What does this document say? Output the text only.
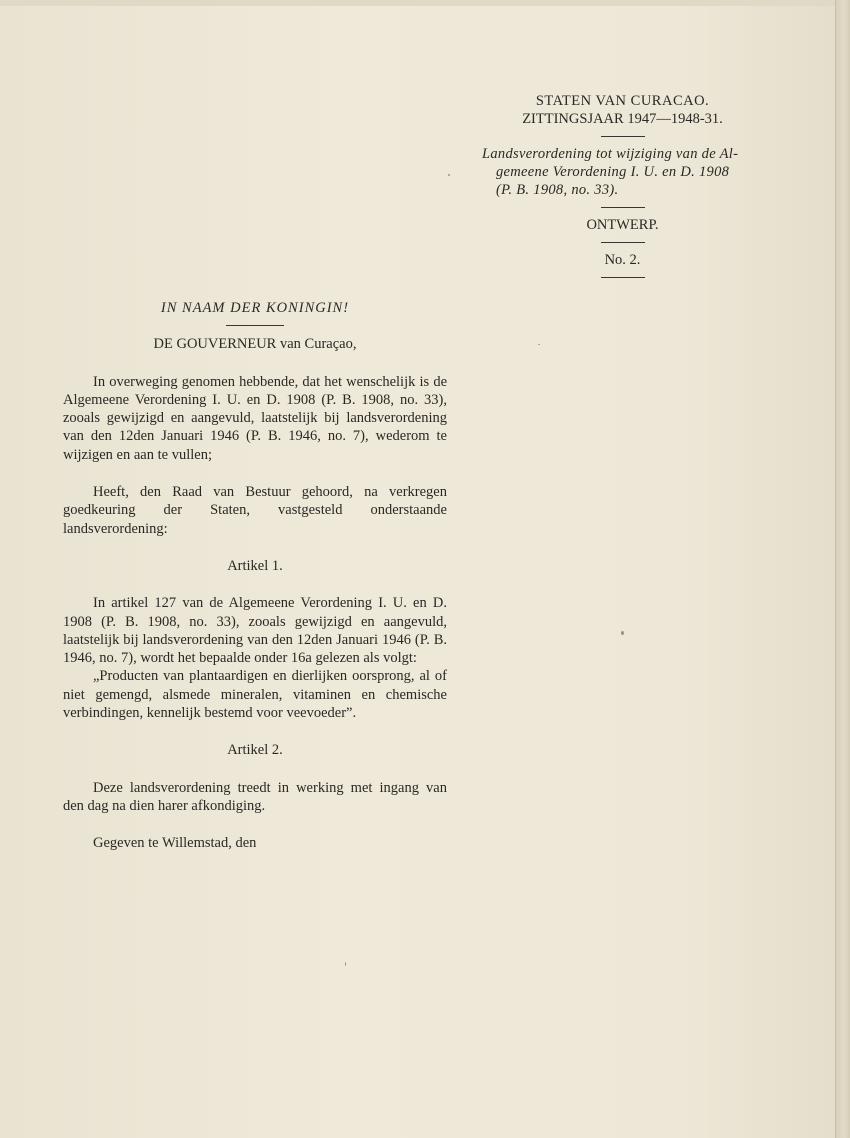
STATEN VAN CURACAO.
ZITTINGSJAAR 1947—1948-31.
Landsverordening tot wijziging van de Al-
gemeene Verordening I. U. en D. 1908
(P. B. 1908, no. 33).
ONTWERP.
No. 2.
IN NAAM DER KONINGIN!
DE GOUVERNEUR van Curaçao,

In overweging genomen hebbende, dat het wenschelijk is de Algemeene Verordening I. U. en D. 1908 (P. B. 1908, no. 33), zooals gewijzigd en aangevuld, laatstelijk bij landsverordening van den 12den Januari 1946 (P. B. 1946, no. 7), wederom te wijzigen en aan te vullen;

Heeft, den Raad van Bestuur gehoord, na verkregen goedkeuring der Staten, vastgesteld onderstaande landsverordening:

Artikel 1.

In artikel 127 van de Algemeene Verordening I. U. en D. 1908 (P. B. 1908, no. 33), zooals gewijzigd en aangevuld, laatstelijk bij landsverordening van den 12den Januari 1946 (P. B. 1946, no. 7), wordt het bepaalde onder 16a gelezen als volgt:

„Producten van plantaardigen en dierlijken oorsprong, al of niet gemengd, alsmede mineralen, vitaminen en chemische verbindingen, kennelijk bestemd voor veevoeder”.

Artikel 2.

Deze landsverordening treedt in werking met ingang van den dag na dien harer afkondiging.

Gegeven te Willemstad, den
